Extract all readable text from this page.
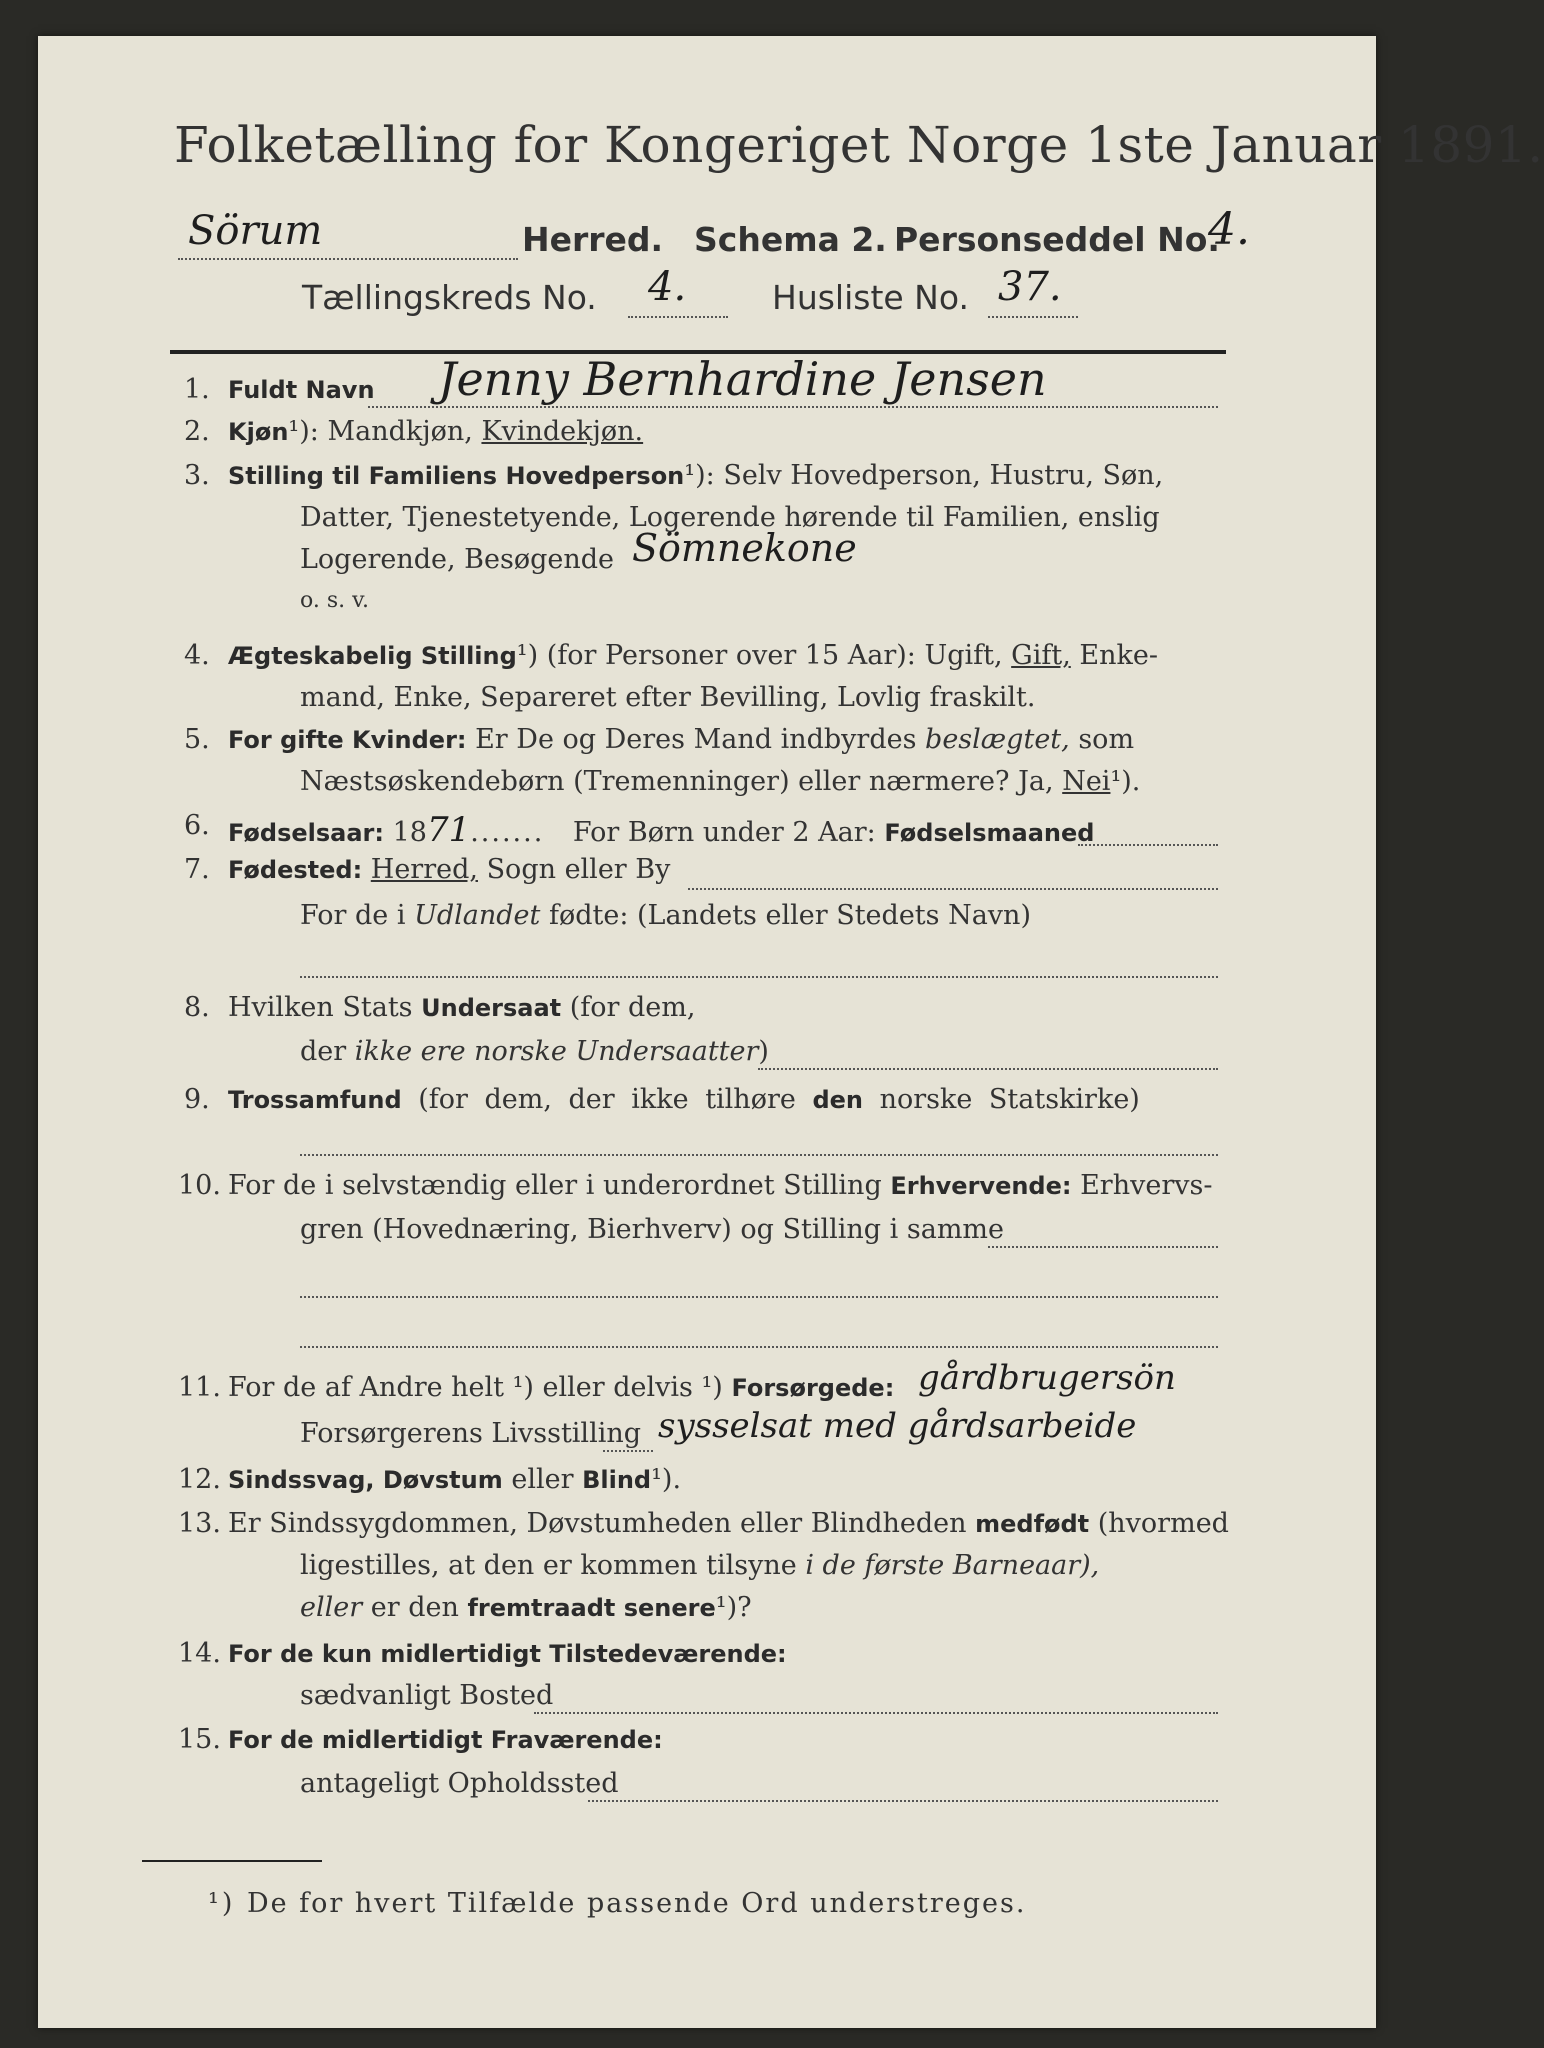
Folketælling for Kongeriget Norge 1ste Januar 1891.
Sörum	Herred. Schema 2. Personseddel No.
4.
Tællingskreds No. 4.	Husliste No. 37.
1. Fuldt Navn Jenny Bernhardine Jensen
2. Kjøn¹): Mandkjøn, Kvindekjøn.
3. Stilling til Familiens Hovedperson¹): Selv Hovedperson, Hustru, Søn,
Datter, Tjenestetyende, Logerende hørende til Familien, enslig
Logerende, Besøgende Sömnekone
o. s. v.
4. Ægteskabelig Stilling¹) (for Personer over 15 Aar): Ugift, Gift, Enke-
mand, Enke, Separeret efter Bevilling, Lovlig fraskilt.
5. For gifte Kvinder: Er De og Deres Mand indbyrdes beslægtet, som
Næstsøskendebørn (Tremenninger) eller nærmere? Ja, Nei¹).
6. Fødselsaar: 1871....... For Børn under 2 Aar: Fødselsmaaned
7. Fødested: Herred, Sogn eller By
For de i Udlandet fødte: (Landets eller Stedets Navn)
8. Hvilken Stats Undersaat (for dem,
der ikke ere norske Undersaatter)
9. Trossamfund (for dem, der ikke tilhøre den norske Statskirke)
10. For de i selvstændig eller i underordnet Stilling Erhvervende: Erhvervs-
gren (Hovednæring, Bierhverv) og Stilling i samme
11. For de af Andre helt ¹) eller delvis ¹) Forsørgede: gårdbrugersön
Forsørgerens Livsstilling sysselsat med gårdsarbeide
12. Sindssvag, Døvstum eller Blind¹).
13. Er Sindssygdommen, Døvstumheden eller Blindheden medfødt (hvormed
ligestilles, at den er kommen tilsyne i de første Barneaar),
eller er den fremtraadt senere¹)?
14. For de kun midlertidigt Tilstedeværende:
sædvanligt Bosted
15. For de midlertidigt Fraværende:
antageligt Opholdssted
¹) De for hvert Tilfælde passende Ord understreges.
